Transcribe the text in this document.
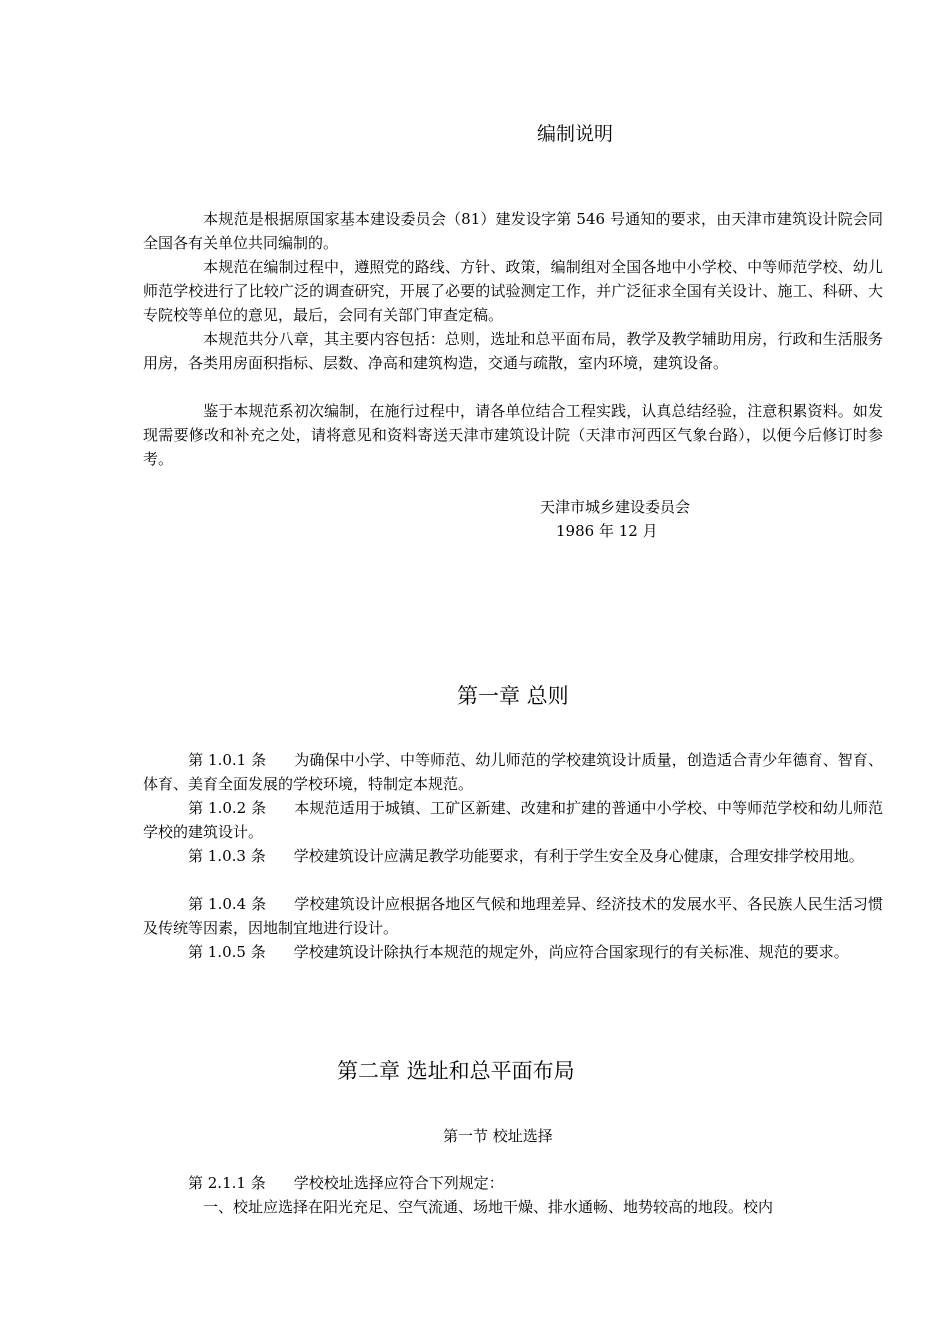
编制说明

本规范是根据原国家基本建设委员会（81）建发设字第 546 号通知的要求，由天津市建筑设计院会同全国各有关单位共同编制的。

本规范在编制过程中，遵照党的路线、方针、政策，编制组对全国各地中小学校、中等师范学校、幼儿师范学校进行了比较广泛的调查研究，开展了必要的试验测定工作，并广泛征求全国有关设计、施工、科研、大专院校等单位的意见，最后，会同有关部门审查定稿。

本规范共分八章，其主要内容包括：总则，选址和总平面布局，教学及教学辅助用房，行政和生活服务用房，各类用房面积指标、层数、净高和建筑构造，交通与疏散，室内环境，建筑设备。

鉴于本规范系初次编制，在施行过程中，请各单位结合工程实践，认真总结经验，注意积累资料。如发现需要修改和补充之处，请将意见和资料寄送天津市建筑设计院（天津市河西区气象台路），以便今后修订时参考。

天津市城乡建设委员会
1986 年 12 月
第一章 总则

第 1.0.1 条 为确保中小学、中等师范、幼儿师范的学校建筑设计质量，创造适合青少年德育、智育、体育、美育全面发展的学校环境，特制定本规范。

第 1.0.2 条 本规范适用于城镇、工矿区新建、改建和扩建的普通中小学校、中等师范学校和幼儿师范学校的建筑设计。

第 1.0.3 条 学校建筑设计应满足教学功能要求，有利于学生安全及身心健康，合理安排学校用地。

第 1.0.4 条 学校建筑设计应根据各地区气候和地理差异、经济技术的发展水平、各民族人民生活习惯及传统等因素，因地制宜地进行设计。

第 1.0.5 条 学校建筑设计除执行本规范的规定外，尚应符合国家现行的有关标准、规范的要求。

第二章 选址和总平面布局
第一节 校址选择

第 2.1.1 条 学校校址选择应符合下列规定：

一、校址应选择在阳光充足、空气流通、场地干燥、排水通畅、地势较高的地段。校内
